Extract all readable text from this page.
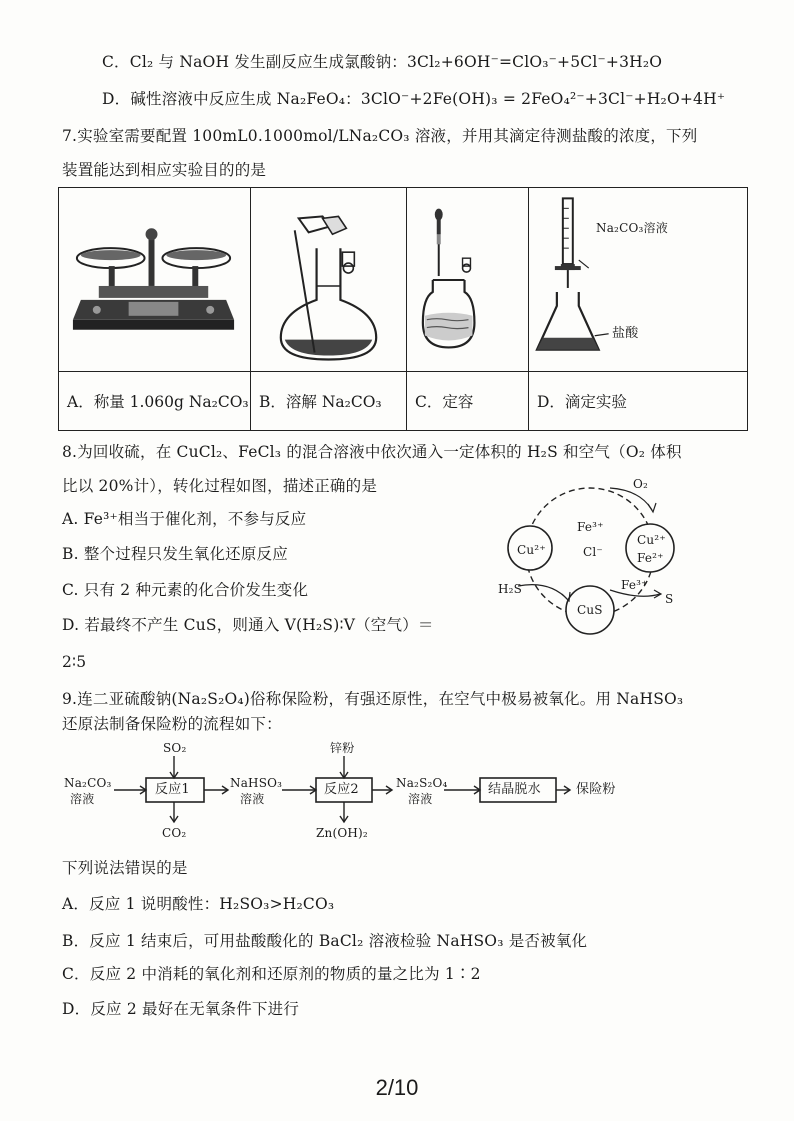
C．Cl₂ 与 NaOH 发生副反应生成氯酸钠：3Cl₂+6OH⁻=ClO₃⁻+5Cl⁻+3H₂O
D．碱性溶液中反应生成 Na₂FeO₄：3ClO⁻+2Fe(OH)₃ = 2FeO₄²⁻+3Cl⁻+H₂O+4H⁺
7.实验室需要配置 100mL0.1000mol/LNa₂CO₃ 溶液，并用其滴定待测盐酸的浓度，下列
装置能达到相应实验目的的是

A．称量 1.060g Na₂CO₃	B．溶解 Na₂CO₃	C．定容	D．滴定实验
Na₂CO₃溶液
盐酸
8.为回收硫，在 CuCl₂、FeCl₃ 的混合溶液中依次通入一定体积的 H₂S 和空气（O₂ 体积
比以 20%计），转化过程如图，描述正确的是
A. Fe³⁺相当于催化剂，不参与反应
B. 整个过程只发生氧化还原反应
C. 只有 2 种元素的化合价发生变化
D. 若最终不产生 CuS，则通入 V(H₂S)∶V（空气）＝
2∶5
O₂
Fe³⁺
Cl⁻
Cu²⁺
Cu²⁺
Fe²⁺
H₂S	Fe³⁺
CuS
S
9.连二亚硫酸钠(Na₂S₂O₄)俗称保险粉，有强还原性，在空气中极易被氧化。用 NaHSO₃
还原法制备保险粉的流程如下：
Na₂CO₃
溶液
SO₂
反应1
CO₂
NaHSO₃
溶液
锌粉
反应2
Zn(OH)₂
Na₂S₂O₄
溶液
结晶脱水	保险粉
下列说法错误的是
A．反应 1 说明酸性：H₂SO₃>H₂CO₃
B．反应 1 结束后，可用盐酸酸化的 BaCl₂ 溶液检验 NaHSO₃ 是否被氧化
C．反应 2 中消耗的氧化剂和还原剂的物质的量之比为 1∶2
D．反应 2 最好在无氧条件下进行
2/10
